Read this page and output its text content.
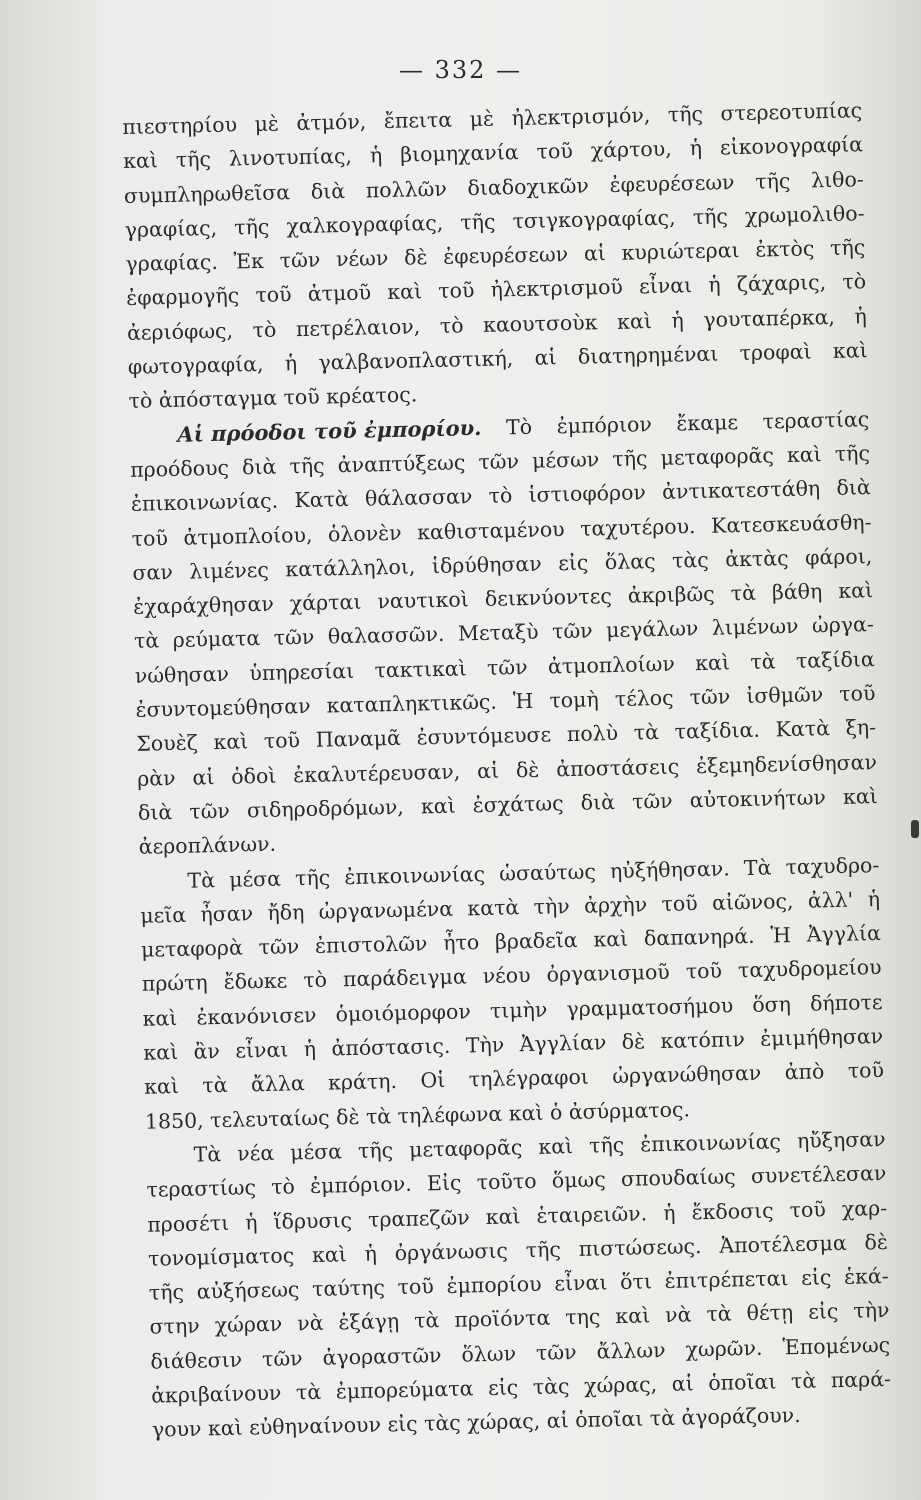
— 332 —
πιεστηρίου μὲ ἀτμόν, ἔπειτα μὲ ἠλεκτρισμόν, τῆς στερεοτυπίας
καὶ τῆς λινοτυπίας, ἡ βιομηχανία τοῦ χάρτου, ἡ εἰκονογραφία
συμπληρωθεῖσα διὰ πολλῶν διαδοχικῶν ἐφευρέσεων τῆς λιθο-
γραφίας, τῆς χαλκογραφίας, τῆς τσιγκογραφίας, τῆς χρωμολιθο-
γραφίας. Ἐκ τῶν νέων δὲ ἐφευρέσεων αἱ κυριώτεραι ἐκτὸς τῆς
ἐφαρμογῆς τοῦ ἀτμοῦ καὶ τοῦ ἠλεκτρισμοῦ εἶναι ἡ ζάχαρις, τὸ
ἀεριόφως, τὸ πετρέλαιον, τὸ καουτσοὺκ καὶ ἡ γουταπέρκα, ἡ
φωτογραφία, ἡ γαλβανοπλαστική, αἱ διατηρημέναι τροφαὶ καὶ
τὸ ἀπόσταγμα τοῦ κρέατος.
Αἱ πρόοδοι τοῦ ἐμπορίου. Τὸ ἐμπόριον ἔκαμε τεραστίας
προόδους διὰ τῆς ἀναπτύξεως τῶν μέσων τῆς μεταφορᾶς καὶ τῆς
ἐπικοινωνίας. Κατὰ θάλασσαν τὸ ἱστιοφόρον ἀντικατεστάθη διὰ
τοῦ ἀτμοπλοίου, ὁλονὲν καθισταμένου ταχυτέρου. Κατεσκευάσθη-
σαν λιμένες κατάλληλοι, ἱδρύθησαν εἰς ὅλας τὰς ἀκτὰς φάροι,
ἐχαράχθησαν χάρται ναυτικοὶ δεικνύοντες ἀκριβῶς τὰ βάθη καὶ
τὰ ρεύματα τῶν θαλασσῶν. Μεταξὺ τῶν μεγάλων λιμένων ὠργα-
νώθησαν ὑπηρεσίαι τακτικαὶ τῶν ἀτμοπλοίων καὶ τὰ ταξίδια
ἐσυντομεύθησαν καταπληκτικῶς. Ἡ τομὴ τέλος τῶν ἰσθμῶν τοῦ
Σουὲζ καὶ τοῦ Παναμᾶ ἐσυντόμευσε πολὺ τὰ ταξίδια. Κατὰ ξη-
ρὰν αἱ ὁδοὶ ἐκαλυτέρευσαν, αἱ δὲ ἀποστάσεις ἐξεμηδενίσθησαν
διὰ τῶν σιδηροδρόμων, καὶ ἐσχάτως διὰ τῶν αὐτοκινήτων καὶ
ἀεροπλάνων.
Τὰ μέσα τῆς ἐπικοινωνίας ὡσαύτως ηὐξήθησαν. Τὰ ταχυδρο-
μεῖα ἦσαν ἤδη ὠργανωμένα κατὰ τὴν ἀρχὴν τοῦ αἰῶνος, ἀλλ' ἡ
μεταφορὰ τῶν ἐπιστολῶν ἦτο βραδεῖα καὶ δαπανηρά. Ἡ Ἀγγλία
πρώτη ἔδωκε τὸ παράδειγμα νέου ὀργανισμοῦ τοῦ ταχυδρομείου
καὶ ἐκανόνισεν ὁμοιόμορφον τιμὴν γραμματοσήμου ὅση δήποτε
καὶ ἂν εἶναι ἡ ἀπόστασις. Τὴν Ἀγγλίαν δὲ κατόπιν ἐμιμήθησαν
καὶ τὰ ἄλλα κράτη. Οἱ τηλέγραφοι ὠργανώθησαν ἀπὸ τοῦ
1850, τελευταίως δὲ τὰ τηλέφωνα καὶ ὁ ἀσύρματος.
Τὰ νέα μέσα τῆς μεταφορᾶς καὶ τῆς ἐπικοινωνίας ηὔξησαν
τεραστίως τὸ ἐμπόριον. Εἰς τοῦτο ὅμως σπουδαίως συνετέλεσαν
προσέτι ἡ ἵδρυσις τραπεζῶν καὶ ἑταιρειῶν. ἡ ἔκδοσις τοῦ χαρ-
τονομίσματος καὶ ἡ ὀργάνωσις τῆς πιστώσεως. Ἀποτέλεσμα δὲ
τῆς αὐξήσεως ταύτης τοῦ ἐμπορίου εἶναι ὅτι ἐπιτρέπεται εἰς ἑκά-
στην χώραν νὰ ἐξάγῃ τὰ προϊόντα της καὶ νὰ τὰ θέτῃ εἰς τὴν
διάθεσιν τῶν ἀγοραστῶν ὅλων τῶν ἄλλων χωρῶν. Ἑπομένως
ἀκριβαίνουν τὰ ἐμπορεύματα εἰς τὰς χώρας, αἱ ὁποῖαι τὰ παρά-
γουν καὶ εὐθηναίνουν εἰς τὰς χώρας, αἱ ὁποῖαι τὰ ἀγοράζουν.
